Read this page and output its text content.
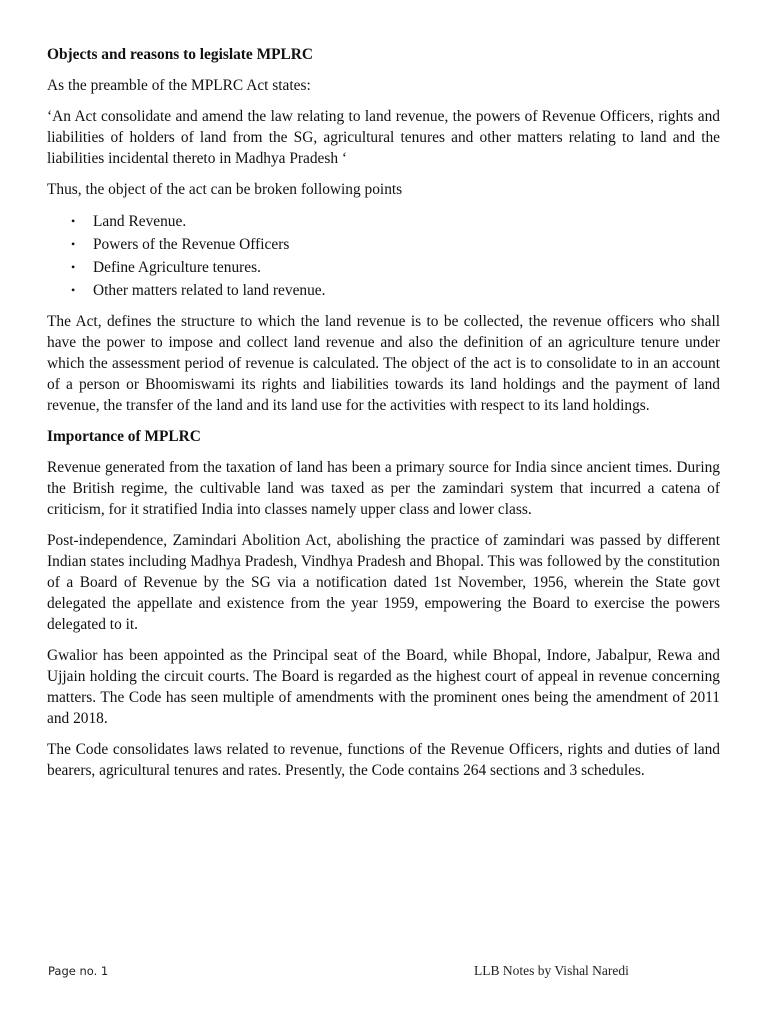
Objects and reasons to legislate MPLRC

As the preamble of the MPLRC Act states:

‘An Act consolidate and amend the law relating to land revenue, the powers of Revenue Officers, rights and liabilities of holders of land from the SG, agricultural tenures and other matters relating to land and the liabilities incidental thereto in Madhya Pradesh ‘

Thus, the object of the act can be broken following points

• Land Revenue.
• Powers of the Revenue Officers
• Define Agriculture tenures.
• Other matters related to land revenue.

The Act, defines the structure to which the land revenue is to be collected, the revenue officers who shall have the power to impose and collect land revenue and also the definition of an agriculture tenure under which the assessment period of revenue is calculated. The object of the act is to consolidate to in an account of a person or Bhoomiswami its rights and liabilities towards its land holdings and the payment of land revenue, the transfer of the land and its land use for the activities with respect to its land holdings.

Importance of MPLRC

Revenue generated from the taxation of land has been a primary source for India since ancient times. During the British regime, the cultivable land was taxed as per the zamindari system that incurred a catena of criticism, for it stratified India into classes namely upper class and lower class.

Post-independence, Zamindari Abolition Act, abolishing the practice of zamindari was passed by different Indian states including Madhya Pradesh, Vindhya Pradesh and Bhopal. This was followed by the constitution of a Board of Revenue by the SG via a notification dated 1st November, 1956, wherein the State govt delegated the appellate and existence from the year 1959, empowering the Board to exercise the powers delegated to it.

Gwalior has been appointed as the Principal seat of the Board, while Bhopal, Indore, Jabalpur, Rewa and Ujjain holding the circuit courts. The Board is regarded as the highest court of appeal in revenue concerning matters. The Code has seen multiple of amendments with the prominent ones being the amendment of 2011 and 2018.

The Code consolidates laws related to revenue, functions of the Revenue Officers, rights and duties of land bearers, agricultural tenures and rates. Presently, the Code contains 264 sections and 3 schedules.

Page no. 1	LLB Notes by Vishal Naredi
